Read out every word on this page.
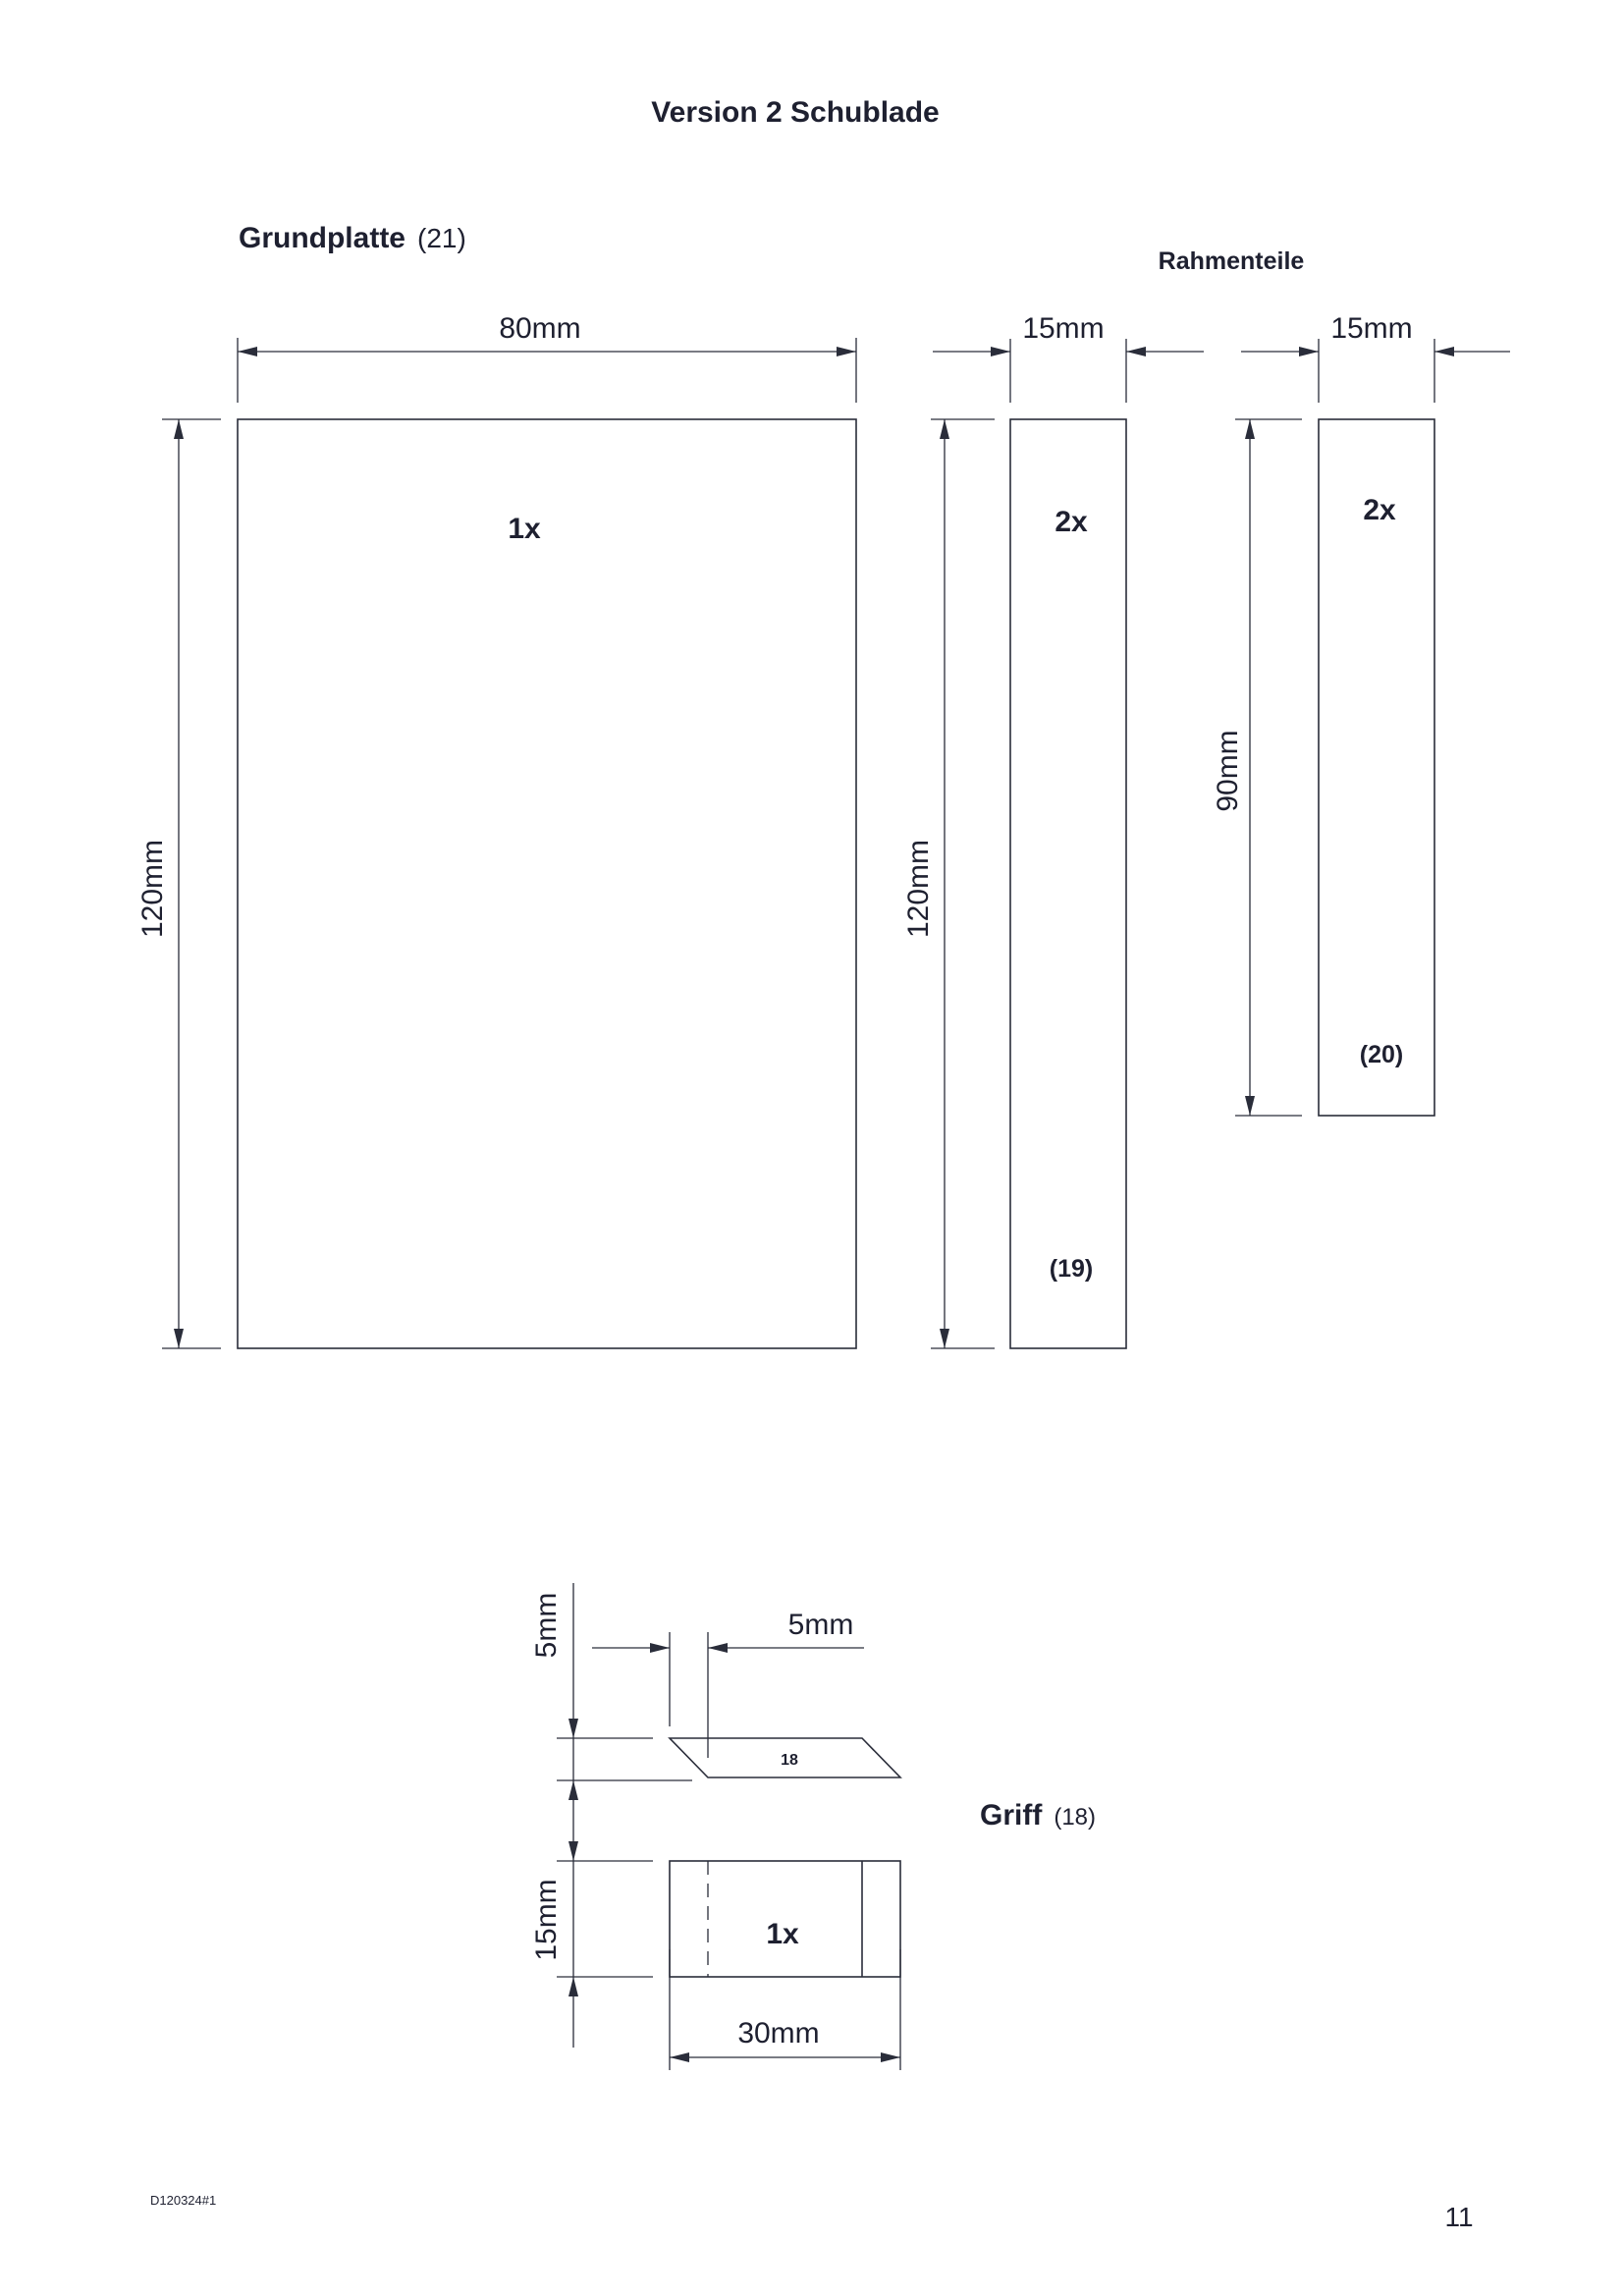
Version 2 Schublade
Grundplatte (21)
80mm
120mm
1x
Rahmenteile
15mm
120mm
2x
(19)
15mm
90mm
2x
(20)
5mm
15mm
5mm
18
1x
30mm
Griff (18)
D120324#1
11
